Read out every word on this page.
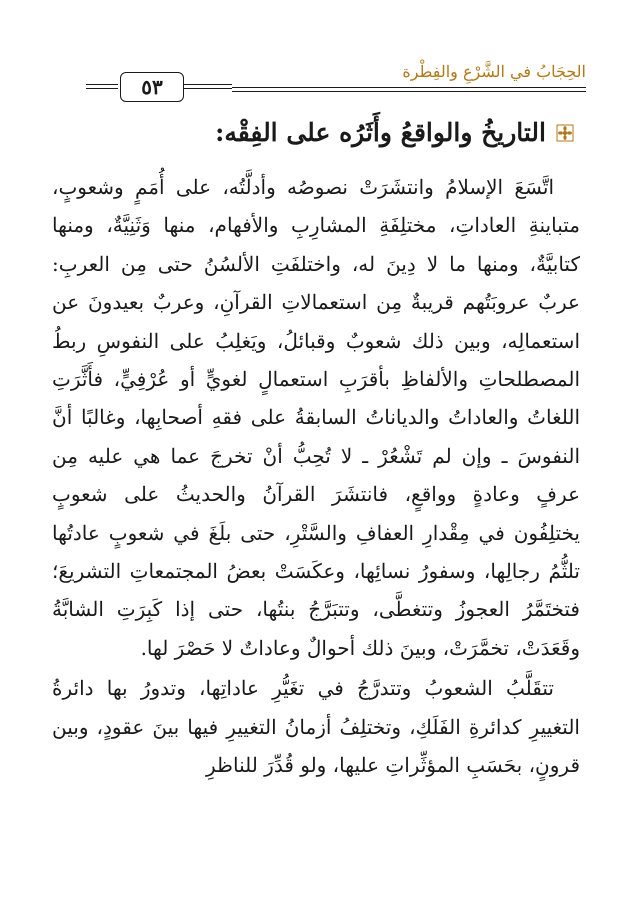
الحِجَابُ في الشَّرْعِ والفِطْرة
٥٣
التاريخُ والواقعُ وأَثَرُه على الفِقْه:

اتَّسَعَ الإسلامُ وانتشَرَتْ نصوصُه وأدلَّتُه، على أُمَمٍ وشعوبٍ، متباينةِ العاداتِ، مختلِفَةِ المشارِبِ والأفهام، منها وَثَنِيَّةٌ، ومنها كتابيَّةٌ، ومنها ما لا دِينَ له، واختلفَتِ الألسُنُ حتى مِن العربِ: عربٌ عروبَتُهم قريبةٌ مِن استعمالاتِ القرآنِ، وعربٌ بعيدونَ عن استعمالِه، وبين ذلك شعوبٌ وقبائلُ، ويَغلِبُ على النفوسِ ربطُ المصطلحاتِ والألفاظِ بأقرَبِ استعمالٍ لغويٍّ أو عُرْفِيٍّ، فأَثَّرَتِ اللغاتُ والعاداتُ والدياناتُ السابقةُ على فقهِ أصحابِها، وغالبًا أنَّ النفوسَ ـ وإن لم تَشْعُرْ ـ لا تُحِبُّ أنْ تخرجَ عما هي عليه مِن عرفٍ وعادةٍ وواقعٍ، فانتشَرَ القرآنُ والحديثُ على شعوبٍ يختلِفُون في مِقْدارِ العفافِ والسَّتْرِ، حتى بلَغَ في شعوبٍ عادتُها تلثُّمُ رجالِها، وسفورُ نسائِها، وعكَسَتْ بعضُ المجتمعاتِ التشريعَ؛ فتختَمَّرُ العجوزُ وتتغطَّى، وتتبَرَّجُ بنتُها، حتى إذا كَبِرَتِ الشابَّةُ وقَعَدَتْ، تخمَّرَتْ، وبينَ ذلك أحوالٌ وعاداتٌ لا حَصْرَ لها.

تتقَلَّبُ الشعوبُ وتتدرَّجُ في تغَيُّرِ عاداتِها، وتدورُ بها دائرةُ التغييرِ كدائرةِ الفَلَكِ، وتختلِفُ أزمانُ التغييرِ فيها بينَ عقودٍ، وبين قرونٍ، بحَسَبِ المؤثِّراتِ عليها، ولو قُدِّرَ للناظرِ
